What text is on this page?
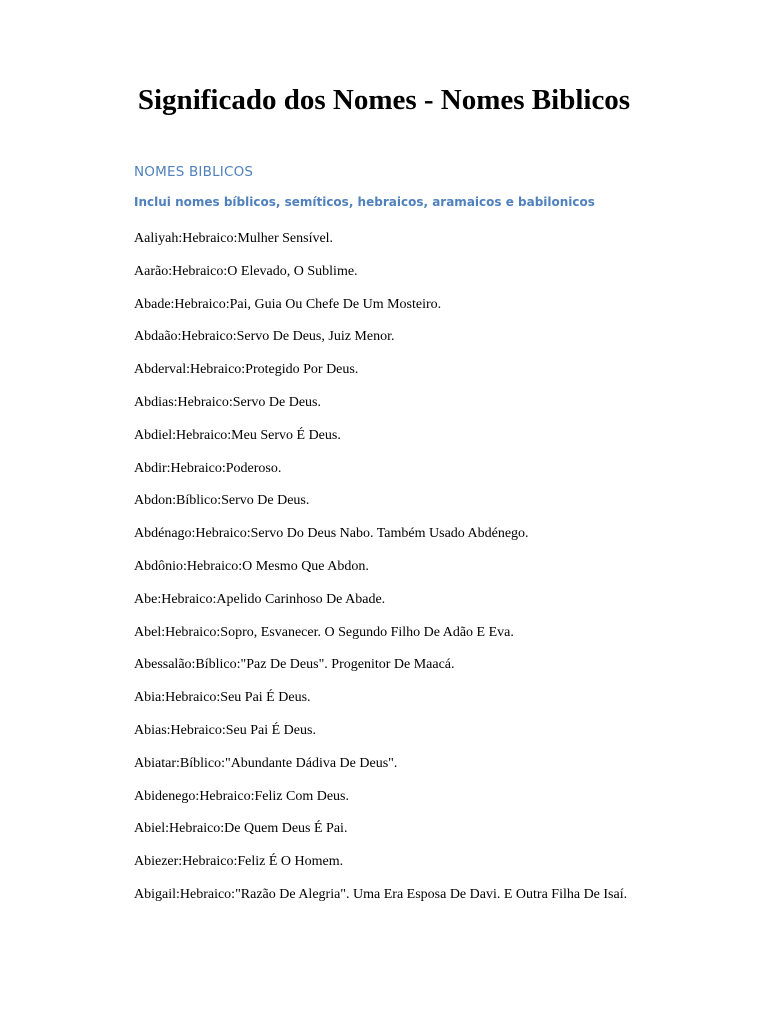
Significado dos Nomes - Nomes Biblicos
NOMES BIBLICOS
Inclui nomes bíblicos, semíticos, hebraicos, aramaicos e babilonicos
Aaliyah:Hebraico:Mulher Sensível.
Aarão:Hebraico:O Elevado, O Sublime.
Abade:Hebraico:Pai, Guia Ou Chefe De Um Mosteiro.
Abdaão:Hebraico:Servo De Deus, Juiz Menor.
Abderval:Hebraico:Protegido Por Deus.
Abdias:Hebraico:Servo De Deus.
Abdiel:Hebraico:Meu Servo É Deus.
Abdir:Hebraico:Poderoso.
Abdon:Bíblico:Servo De Deus.
Abdénago:Hebraico:Servo Do Deus Nabo. Também Usado Abdénego.
Abdônio:Hebraico:O Mesmo Que Abdon.
Abe:Hebraico:Apelido Carinhoso De Abade.
Abel:Hebraico:Sopro, Esvanecer. O Segundo Filho De Adão E Eva.
Abessalão:Bíblico:"Paz De Deus". Progenitor De Maacá.
Abia:Hebraico:Seu Pai É Deus.
Abias:Hebraico:Seu Pai É Deus.
Abiatar:Bíblico:"Abundante Dádiva De Deus".
Abidenego:Hebraico:Feliz Com Deus.
Abiel:Hebraico:De Quem Deus É Pai.
Abiezer:Hebraico:Feliz É O Homem.
Abigail:Hebraico:"Razão De Alegria". Uma Era Esposa De Davi. E Outra Filha De Isaí.
